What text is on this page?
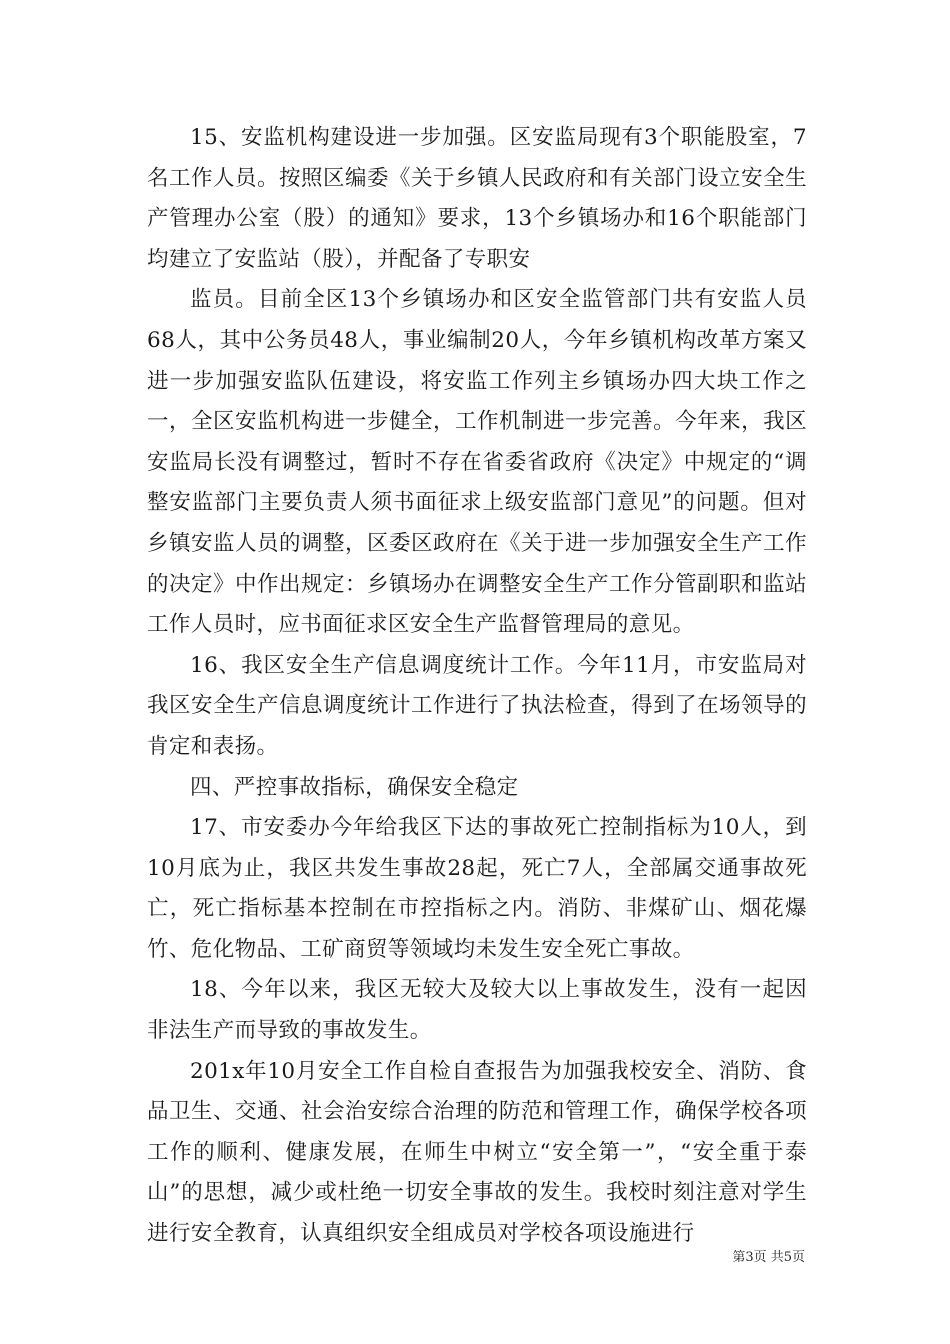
15、安监机构建设进一步加强。区安监局现有3个职能股室，7名工作人员。按照区编委《关于乡镇人民政府和有关部门设立安全生产管理办公室（股）的通知》要求，13个乡镇场办和16个职能部门均建立了安监站（股），并配备了专职安

监员。目前全区13个乡镇场办和区安全监管部门共有安监人员68人，其中公务员48人，事业编制20人，今年乡镇机构改革方案又进一步加强安监队伍建设，将安监工作列主乡镇场办四大块工作之一，全区安监机构进一步健全，工作机制进一步完善。今年来，我区安监局长没有调整过，暂时不存在省委省政府《决定》中规定的“调整安监部门主要负责人须书面征求上级安监部门意见”的问题。但对乡镇安监人员的调整，区委区政府在《关于进一步加强安全生产工作的决定》中作出规定：乡镇场办在调整安全生产工作分管副职和监站工作人员时，应书面征求区安全生产监督管理局的意见。

16、我区安全生产信息调度统计工作。今年11月，市安监局对我区安全生产信息调度统计工作进行了执法检查，得到了在场领导的肯定和表扬。

四、严控事故指标，确保安全稳定

17、市安委办今年给我区下达的事故死亡控制指标为10人，到10月底为止，我区共发生事故28起，死亡7人，全部属交通事故死亡，死亡指标基本控制在市控指标之内。消防、非煤矿山、烟花爆竹、危化物品、工矿商贸等领域均未发生安全死亡事故。

18、今年以来，我区无较大及较大以上事故发生，没有一起因非法生产而导致的事故发生。

201x年10月安全工作自检自查报告为加强我校安全、消防、食品卫生、交通、社会治安综合治理的防范和管理工作，确保学校各项工作的顺利、健康发展，在师生中树立“安全第一”，“安全重于泰山”的思想，减少或杜绝一切安全事故的发生。我校时刻注意对学生进行安全教育，认真组织安全组成员对学校各项设施进行

第3页 共5页
